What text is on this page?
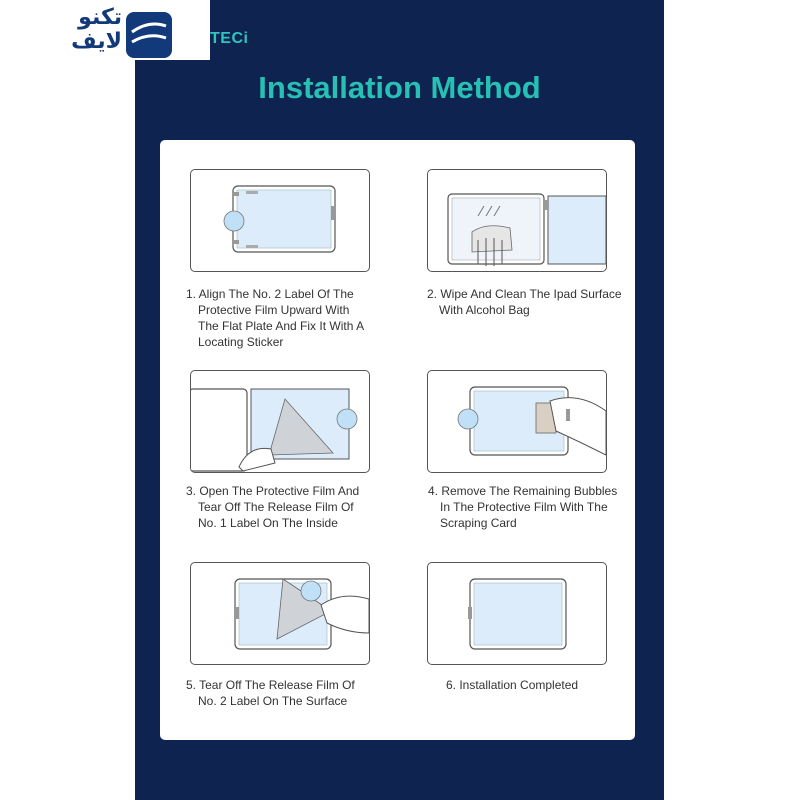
تکنو لایف	TECi
Installation Method
1. Align The No. 2 Label Of The
Protective Film Upward With
The Flat Plate And Fix It With A
Locating Sticker
2. Wipe And Clean The Ipad Surface
With Alcohol Bag
3. Open The Protective Film And
Tear Off The Release Film Of
No. 1 Label On The Inside
4. Remove The Remaining Bubbles
In The Protective Film With The
Scraping Card
5. Tear Off The Release Film Of
No. 2 Label On The Surface
6. Installation Completed
